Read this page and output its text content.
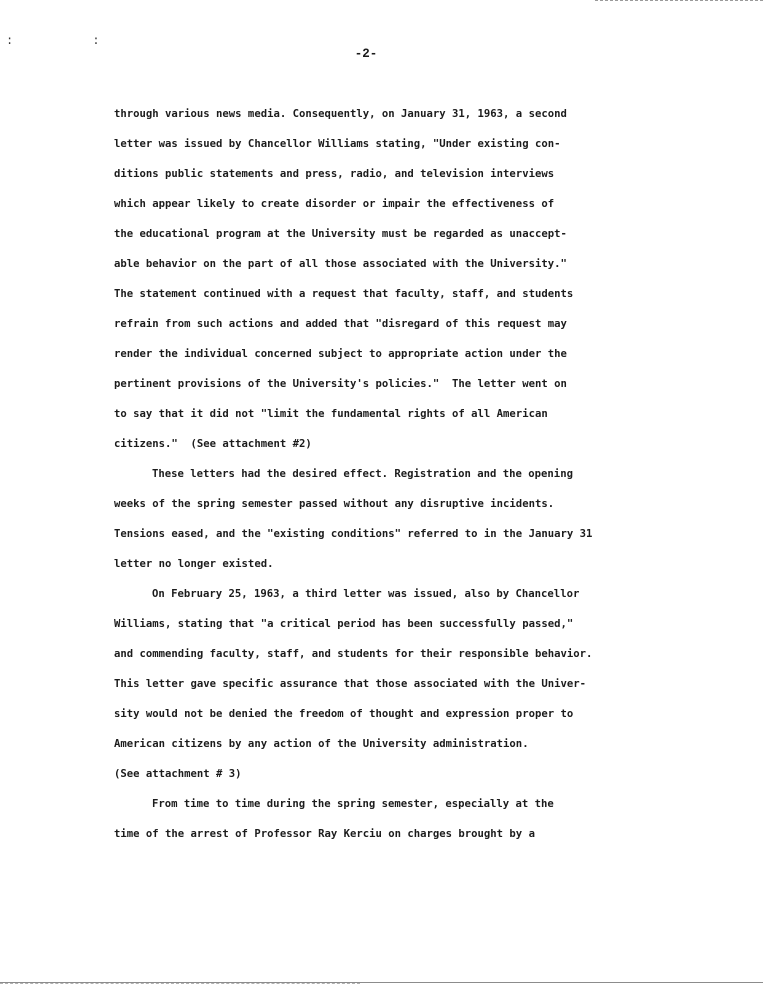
: :
-2-
through various news media. Consequently, on January 31, 1963, a second
letter was issued by Chancellor Williams stating, "Under existing con-
ditions public statements and press, radio, and television interviews
which appear likely to create disorder or impair the effectiveness of
the educational program at the University must be regarded as unaccept-
able behavior on the part of all those associated with the University."
The statement continued with a request that faculty, staff, and students
refrain from such actions and added that "disregard of this request may
render the individual concerned subject to appropriate action under the
pertinent provisions of the University's policies."  The letter went on
to say that it did not "limit the fundamental rights of all American
citizens."  (See attachment #2)
These letters had the desired effect. Registration and the opening
weeks of the spring semester passed without any disruptive incidents.
Tensions eased, and the "existing conditions" referred to in the January 31
letter no longer existed.
On February 25, 1963, a third letter was issued, also by Chancellor
Williams, stating that "a critical period has been successfully passed,"
and commending faculty, staff, and students for their responsible behavior.
This letter gave specific assurance that those associated with the Univer-
sity would not be denied the freedom of thought and expression proper to
American citizens by any action of the University administration.
(See attachment # 3)
From time to time during the spring semester, especially at the
time of the arrest of Professor Ray Kerciu on charges brought by a
